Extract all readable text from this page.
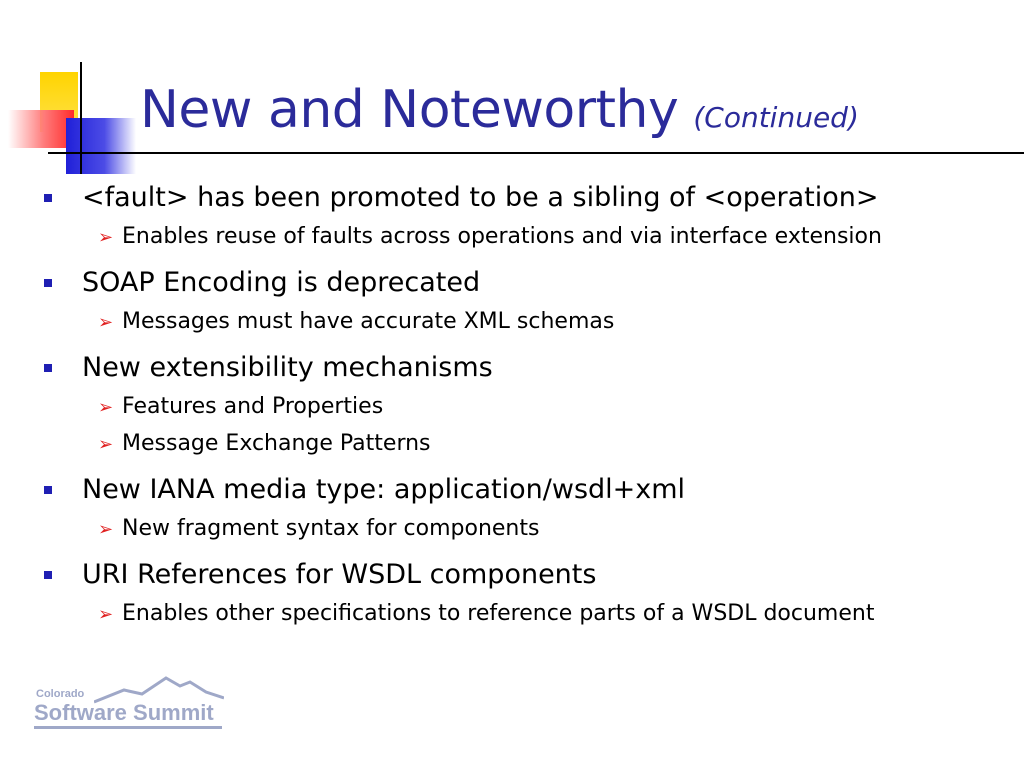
New and Noteworthy (Continued)
<fault> has been promoted to be a sibling of <operation>
➢ Enables reuse of faults across operations and via interface extension
SOAP Encoding is deprecated
➢ Messages must have accurate XML schemas
New extensibility mechanisms
➢ Features and Properties
➢ Message Exchange Patterns
New IANA media type: application/wsdl+xml
➢ New fragment syntax for components
URI References for WSDL components
➢ Enables other specifications to reference parts of a WSDL document
Colorado
Software Summit
